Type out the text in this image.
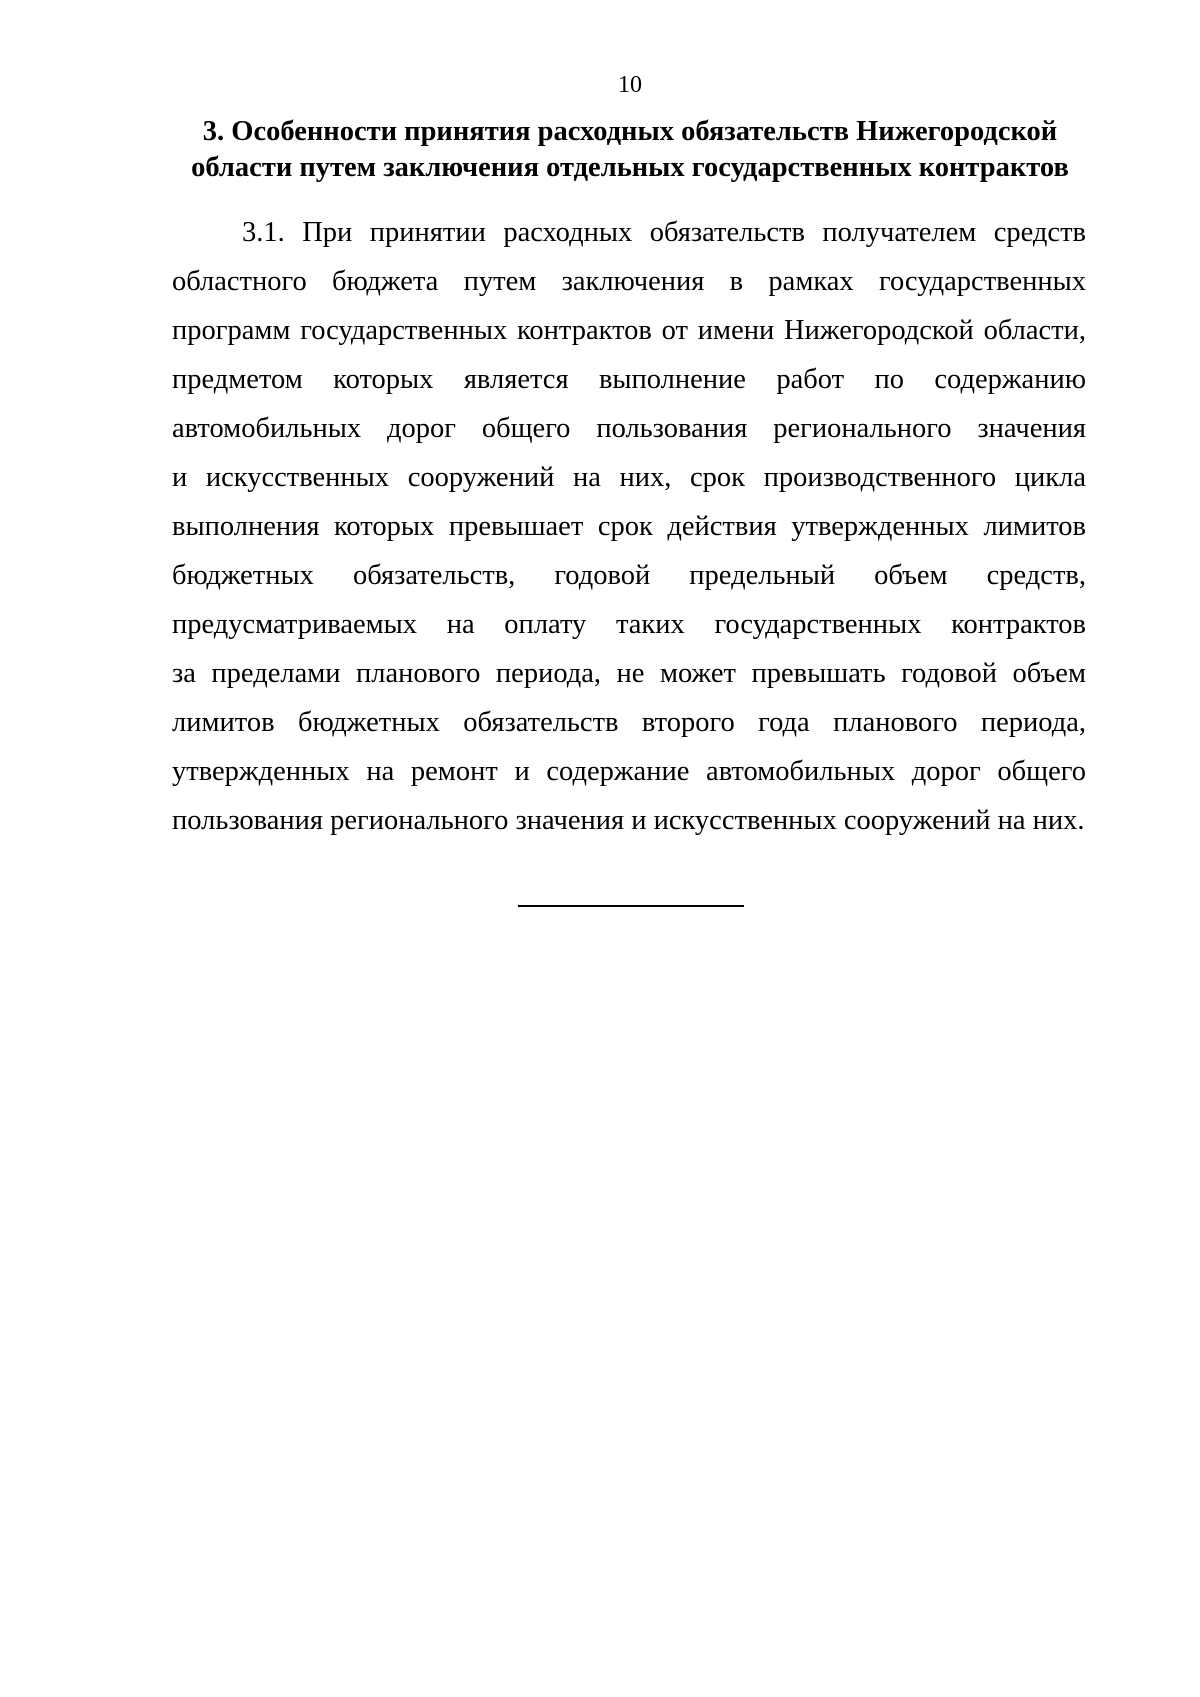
10
3. Особенности принятия расходных обязательств Нижегородской
области путем заключения отдельных государственных контрактов
3.1. При принятии расходных обязательств получателем средств
областного бюджета путем заключения в рамках государственных
программ государственных контрактов от имени Нижегородской области,
предметом которых является выполнение работ по содержанию
автомобильных дорог общего пользования регионального значения
и искусственных сооружений на них, срок производственного цикла
выполнения которых превышает срок действия утвержденных лимитов
бюджетных обязательств, годовой предельный объем средств,
предусматриваемых на оплату таких государственных контрактов
за пределами планового периода, не может превышать годовой объем
лимитов бюджетных обязательств второго года планового периода,
утвержденных на ремонт и содержание автомобильных дорог общего
пользования регионального значения и искусственных сооружений на них.
